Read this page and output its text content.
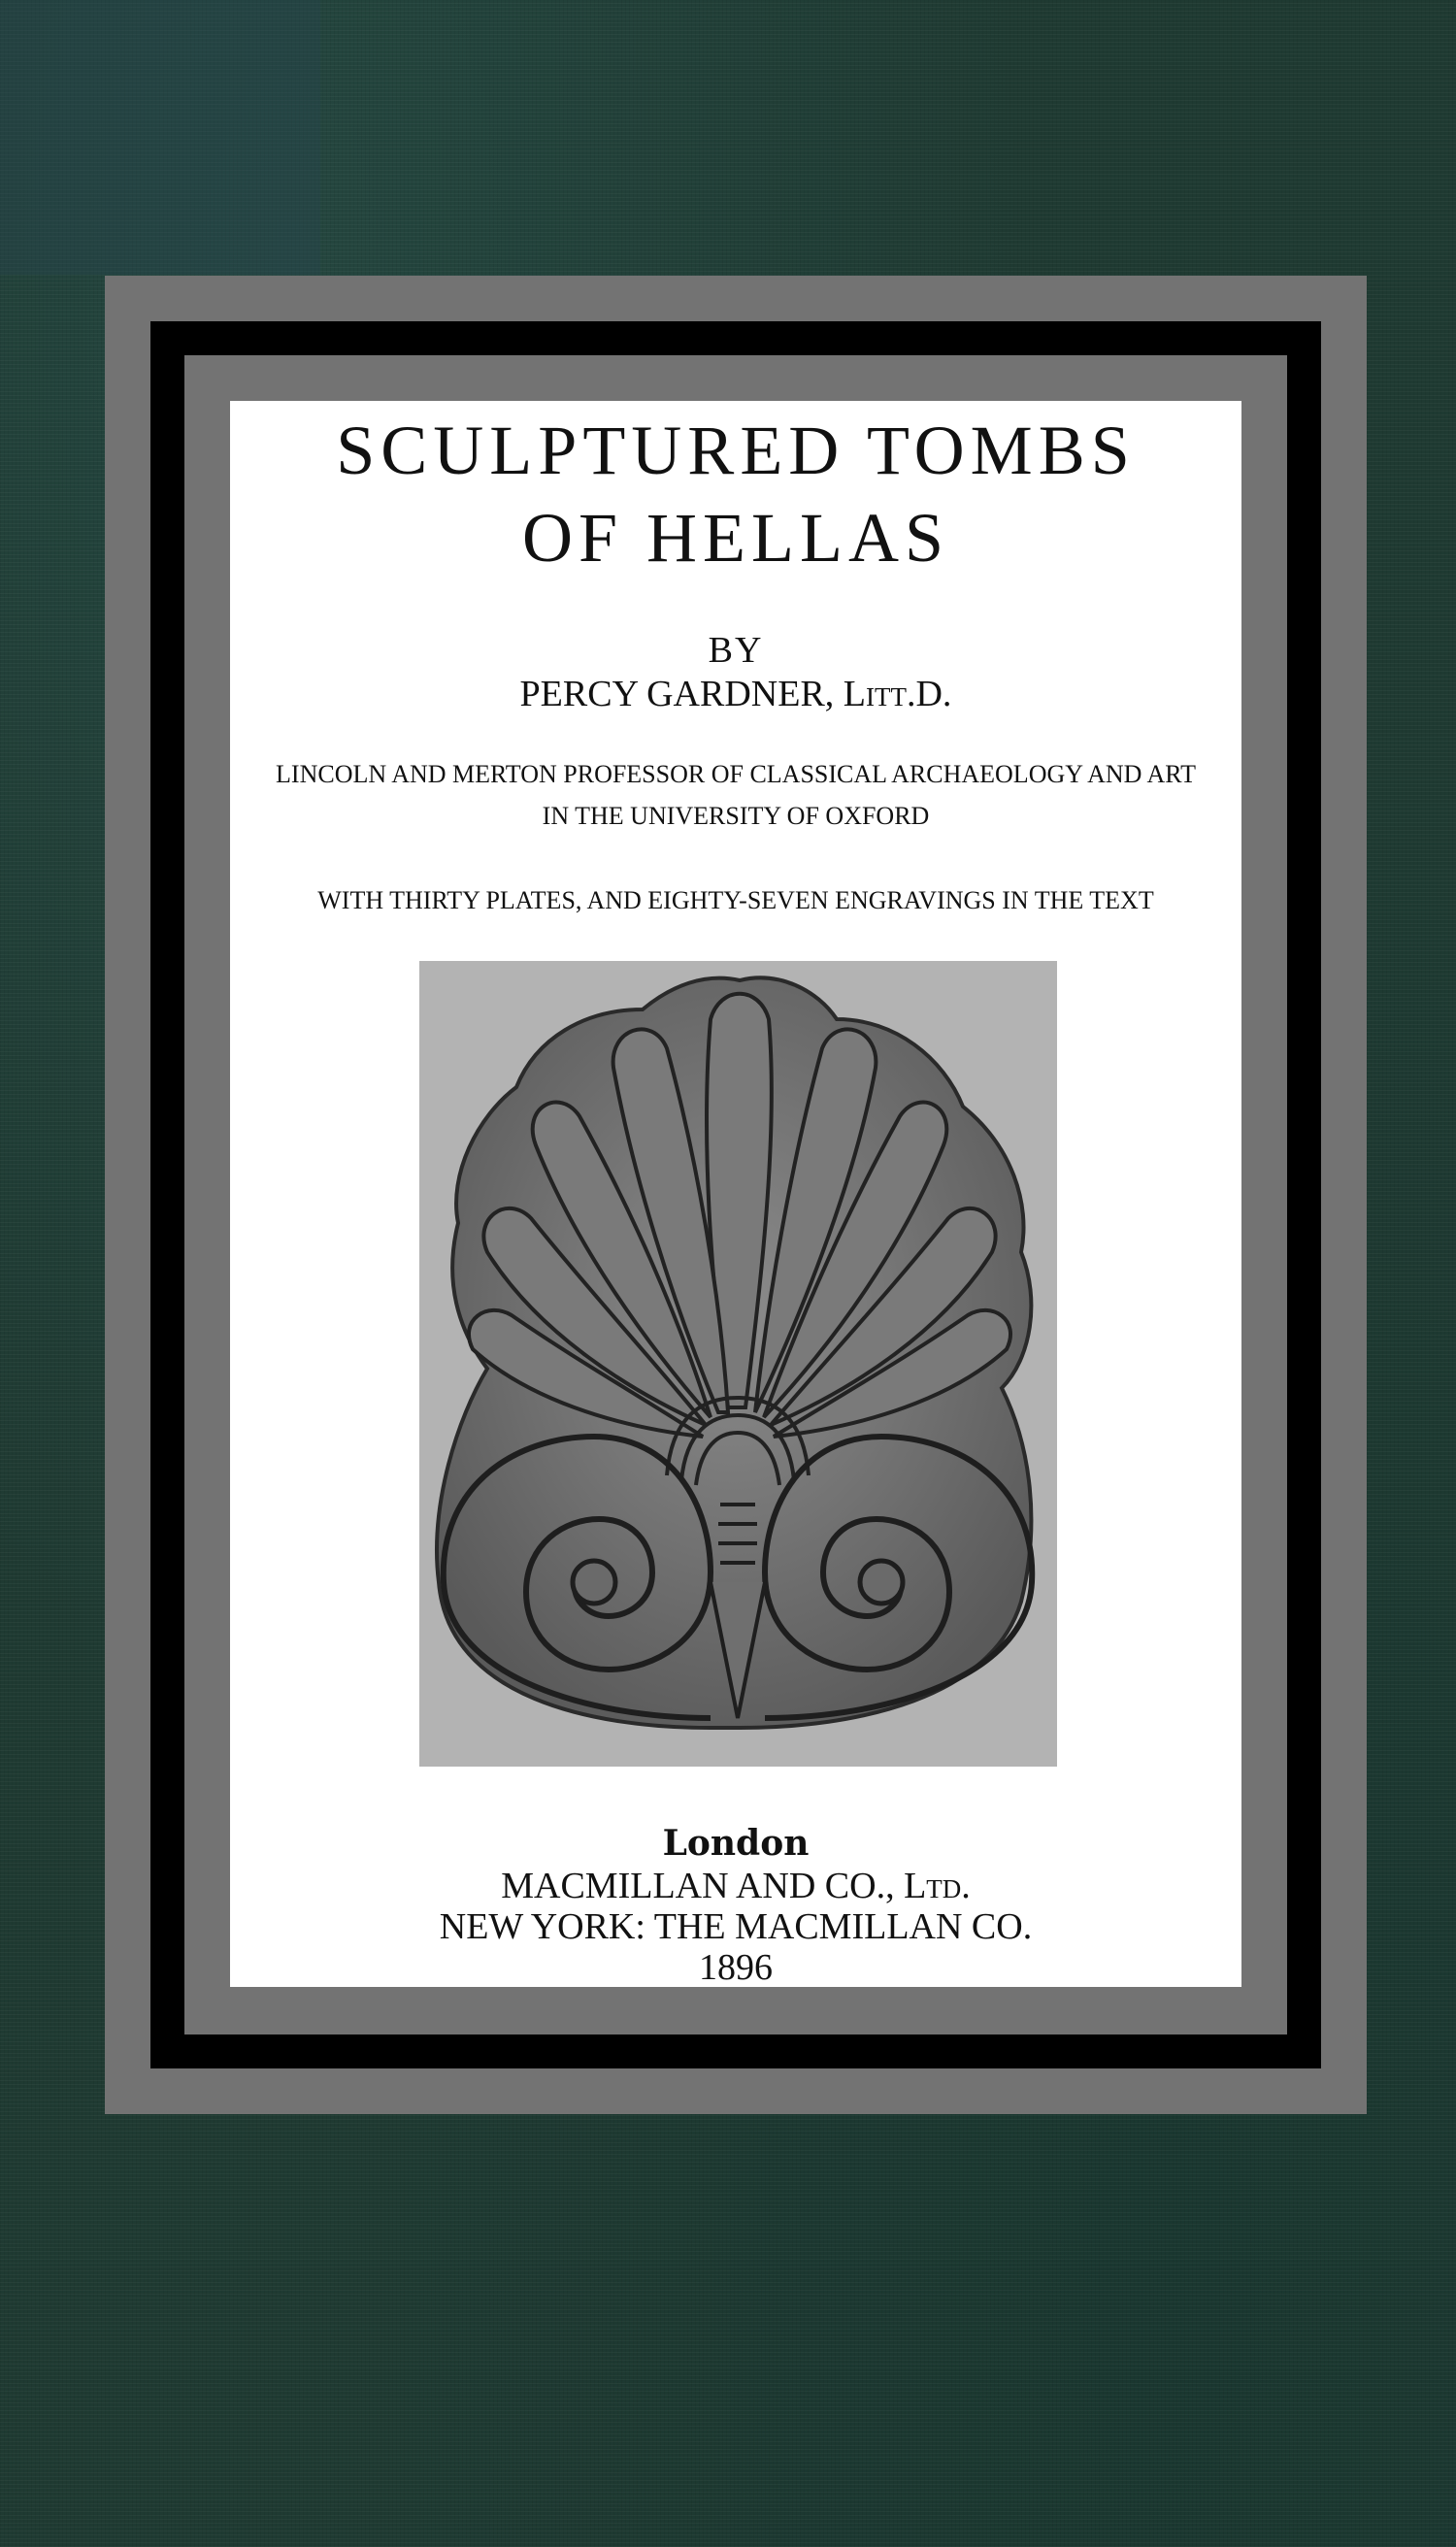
SCULPTURED TOMBS
OF HELLAS
BY
PERCY GARDNER, Litt.D.
LINCOLN AND MERTON PROFESSOR OF CLASSICAL ARCHAEOLOGY AND ART
IN THE UNIVERSITY OF OXFORD
WITH THIRTY PLATES, AND EIGHTY-SEVEN ENGRAVINGS IN THE TEXT
London
MACMILLAN AND CO., Ltd.
NEW YORK: THE MACMILLAN CO.
1896
